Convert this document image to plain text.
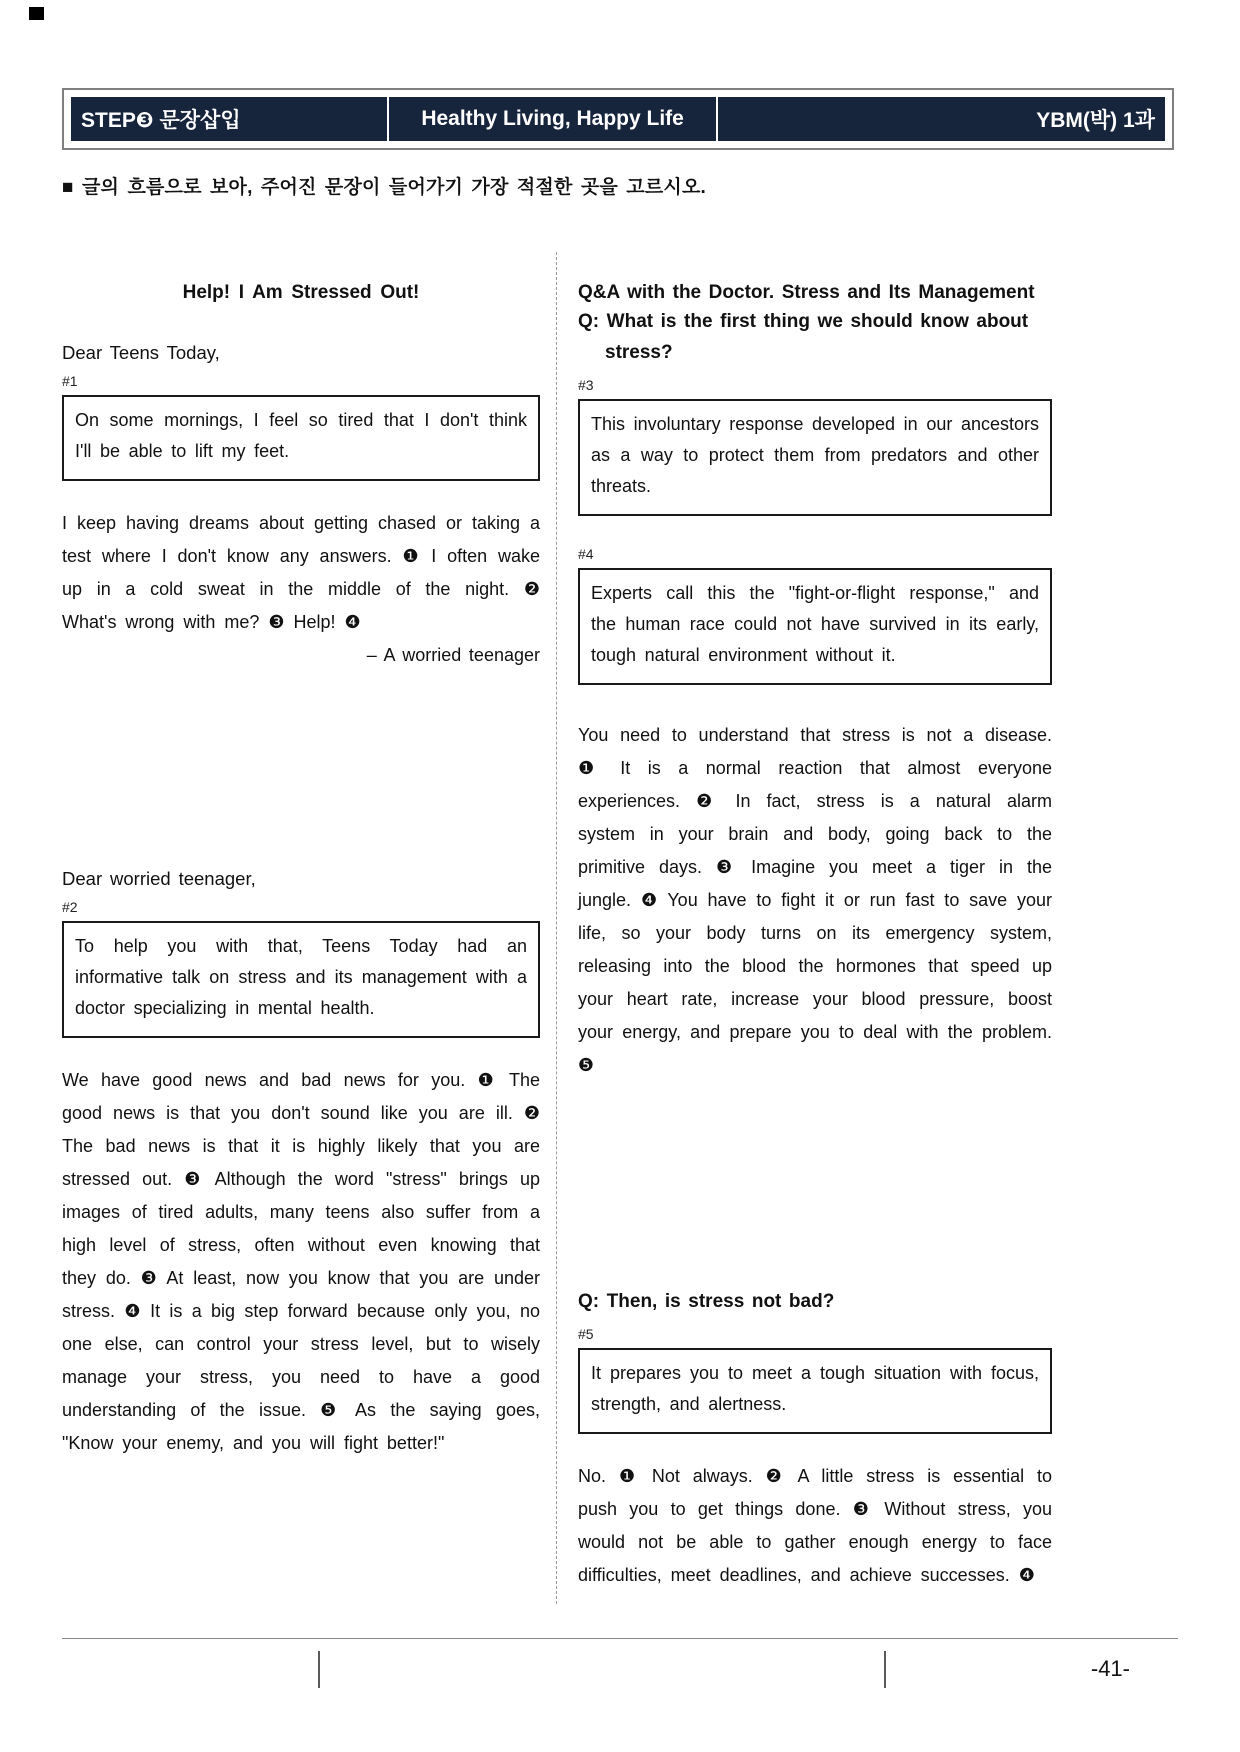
STEP❸ 문장삽입	Healthy Living, Happy Life	YBM(박) 1과
■ 글의 흐름으로 보아, 주어진 문장이 들어가기 가장 적절한 곳을 고르시오.
Help! I Am Stressed Out!
Dear Teens Today,
#1
On some mornings, I feel so tired that I don't think I'll be able to lift my feet.
I keep having dreams about getting chased or taking a test where I don't know any answers. ❶ I often wake up in a cold sweat in the middle of the night. ❷ What's wrong with me? ❸ Help! ❹
– A worried teenager
Dear worried teenager,
#2
To help you with that, Teens Today had an informative talk on stress and its management with a doctor specializing in mental health.
We have good news and bad news for you. ❶ The good news is that you don't sound like you are ill. ❷ The bad news is that it is highly likely that you are stressed out. ❸ Although the word "stress" brings up images of tired adults, many teens also suffer from a high level of stress, often without even knowing that they do. ❸ At least, now you know that you are under stress. ❹ It is a big step forward because only you, no one else, can control your stress level, but to wisely manage your stress, you need to have a good understanding of the issue. ❺ As the saying goes, "Know your enemy, and you will fight better!"
Q&A with the Doctor. Stress and Its Management
Q: What is the first thing we should know about stress?
#3
This involuntary response developed in our ancestors as a way to protect them from predators and other threats.
#4
Experts call this the "fight-or-flight response," and the human race could not have survived in its early, tough natural environment without it.
You need to understand that stress is not a disease. ❶ It is a normal reaction that almost everyone experiences. ❷ In fact, stress is a natural alarm system in your brain and body, going back to the primitive days. ❸ Imagine you meet a tiger in the jungle. ❹ You have to fight it or run fast to save your life, so your body turns on its emergency system, releasing into the blood the hormones that speed up your heart rate, increase your blood pressure, boost your energy, and prepare you to deal with the problem. ❺
Q: Then, is stress not bad?
#5
It prepares you to meet a tough situation with focus, strength, and alertness.
No. ❶ Not always. ❷ A little stress is essential to push you to get things done. ❸ Without stress, you would not be able to gather enough energy to face difficulties, meet deadlines, and achieve successes. ❹
-41-
